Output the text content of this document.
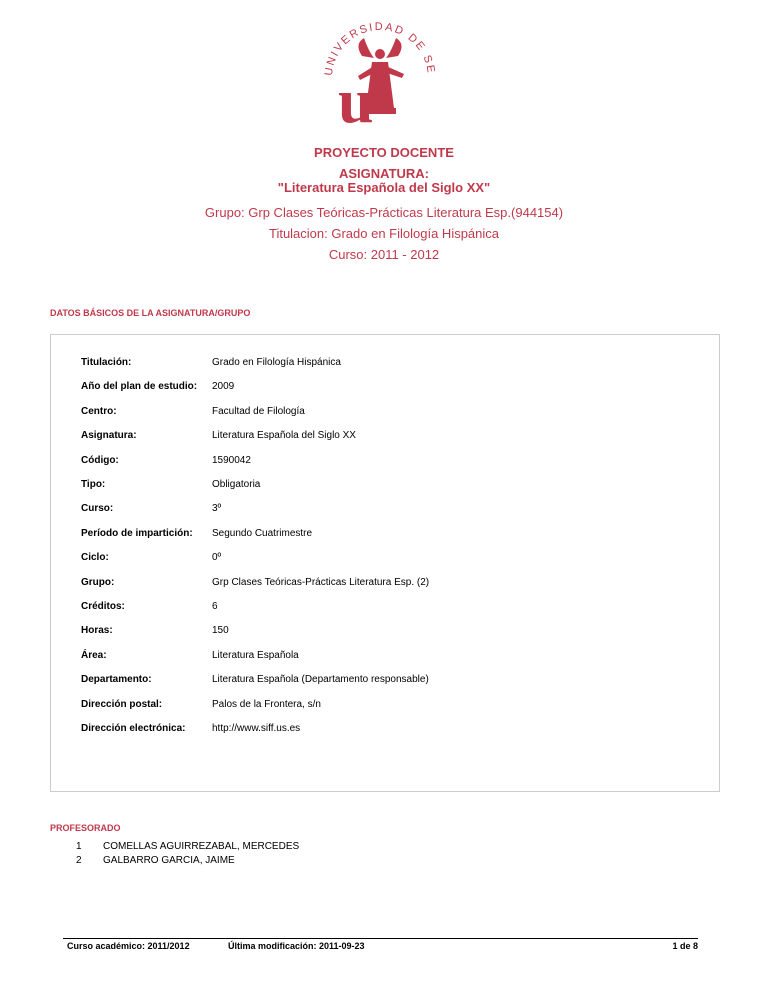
UNIVERSIDAD DE SE
u
PROYECTO DOCENTE
ASIGNATURA:
"Literatura Española del Siglo XX"
Grupo: Grp Clases Teóricas-Prácticas Literatura Esp.(944154)
Titulacion: Grado en Filología Hispánica
Curso: 2011 - 2012
DATOS BÁSICOS DE LA ASIGNATURA/GRUPO
Titulación:	Grado en Filología Hispánica
Año del plan de estudio: 2009
Centro:	Facultad de Filología
Asignatura:	Literatura Española del Siglo XX
Código:	1590042
Tipo:	Obligatoria
Curso:	3º
Período de impartición: Segundo Cuatrimestre
Ciclo:	0º
Grupo:	Grp Clases Teóricas-Prácticas Literatura Esp. (2)
Créditos:	6
Horas:	150
Área:	Literatura Española
Departamento:	Literatura Española (Departamento responsable)
Dirección postal:	Palos de la Frontera, s/n
Dirección electrónica:	http://www.siff.us.es
PROFESORADO
1	COMELLAS AGUIRREZABAL, MERCEDES
2	GALBARRO GARCIA, JAIME
Curso académico: 2011/2012	Última modificación: 2011-09-23	1 de 8
